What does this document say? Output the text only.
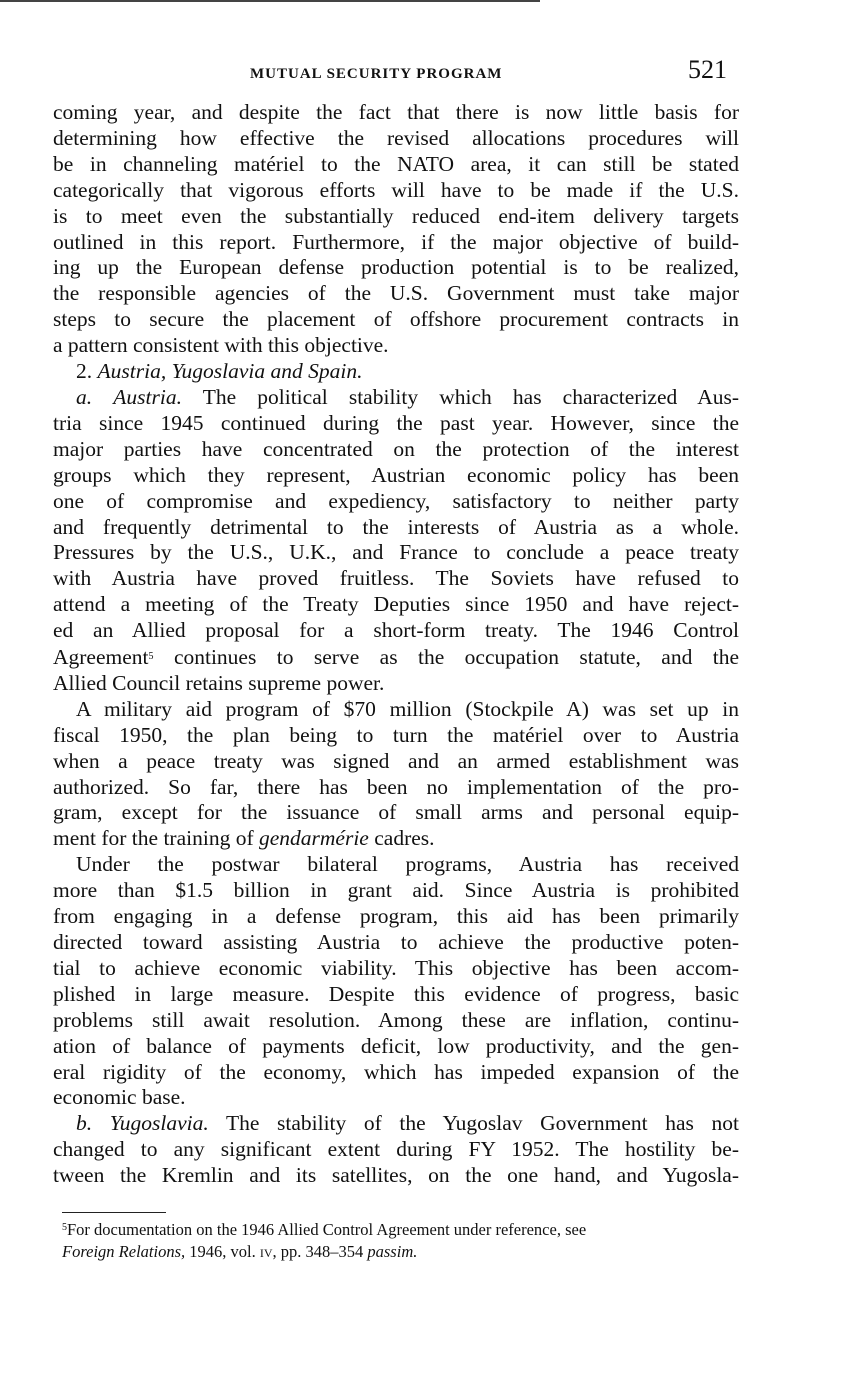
MUTUAL SECURITY PROGRAM	521
coming year, and despite the fact that there is now little basis for
determining how effective the revised allocations procedures will
be in channeling matériel to the NATO area, it can still be stated
categorically that vigorous efforts will have to be made if the U.S.
is to meet even the substantially reduced end-item delivery targets
outlined in this report. Furthermore, if the major objective of build-
ing up the European defense production potential is to be realized,
the responsible agencies of the U.S. Government must take major
steps to secure the placement of offshore procurement contracts in
a pattern consistent with this objective.
2. Austria, Yugoslavia and Spain.
a. Austria. The political stability which has characterized Aus-
tria since 1945 continued during the past year. However, since the
major parties have concentrated on the protection of the interest
groups which they represent, Austrian economic policy has been
one of compromise and expediency, satisfactory to neither party
and frequently detrimental to the interests of Austria as a whole.
Pressures by the U.S., U.K., and France to conclude a peace treaty
with Austria have proved fruitless. The Soviets have refused to
attend a meeting of the Treaty Deputies since 1950 and have reject-
ed an Allied proposal for a short-form treaty. The 1946 Control
Agreement$^5$ continues to serve as the occupation statute, and the
Allied Council retains supreme power.
A military aid program of $70 million (Stockpile A) was set up in
fiscal 1950, the plan being to turn the matériel over to Austria
when a peace treaty was signed and an armed establishment was
authorized. So far, there has been no implementation of the pro-
gram, except for the issuance of small arms and personal equip-
ment for the training of gendarmérie cadres.
Under the postwar bilateral programs, Austria has received
more than $1.5 billion in grant aid. Since Austria is prohibited
from engaging in a defense program, this aid has been primarily
directed toward assisting Austria to achieve the productive poten-
tial to achieve economic viability. This objective has been accom-
plished in large measure. Despite this evidence of progress, basic
problems still await resolution. Among these are inflation, continu-
ation of balance of payments deficit, low productivity, and the gen-
eral rigidity of the economy, which has impeded expansion of the
economic base.
b. Yugoslavia. The stability of the Yugoslav Government has not
changed to any significant extent during FY 1952. The hostility be-
tween the Kremlin and its satellites, on the one hand, and Yugosla-
$^5$For documentation on the 1946 Allied Control Agreement under reference, see
Foreign Relations, 1946, vol. iv, pp. 348–354 passim.
